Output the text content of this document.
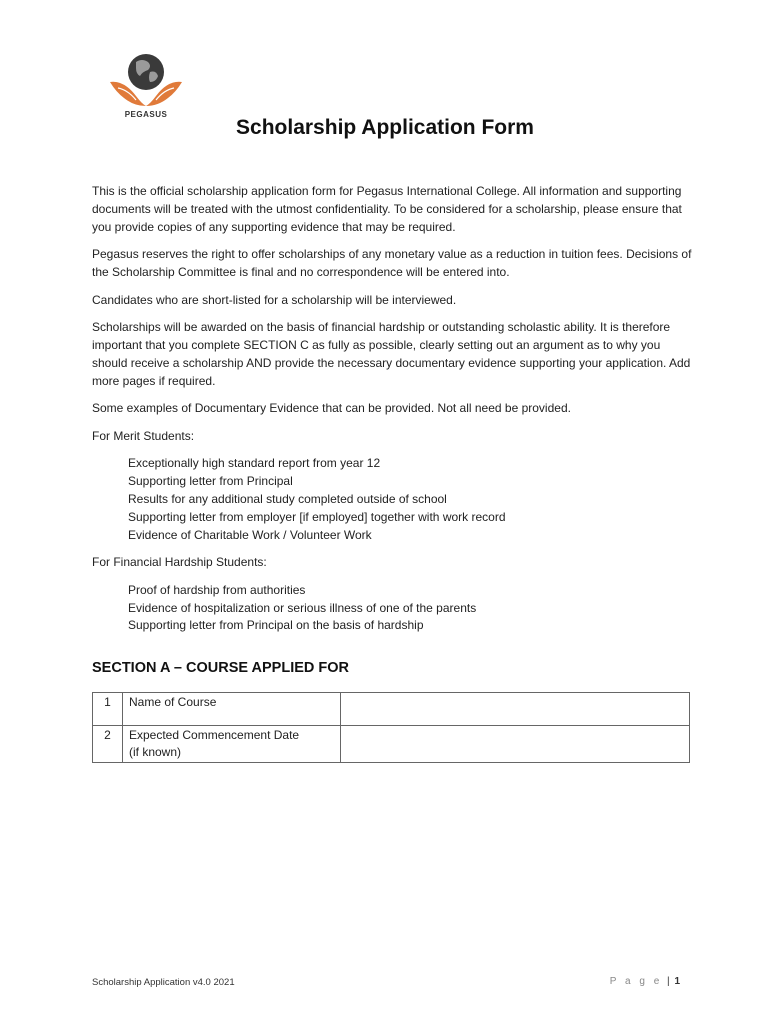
PEGASUS
Scholarship Application Form

This is the official scholarship application form for Pegasus International College. All information and supporting documents will be treated with the utmost confidentiality. To be considered for a scholarship, please ensure that you provide copies of any supporting evidence that may be required.

Pegasus reserves the right to offer scholarships of any monetary value as a reduction in tuition fees. Decisions of the Scholarship Committee is final and no correspondence will be entered into.

Candidates who are short-listed for a scholarship will be interviewed.

Scholarships will be awarded on the basis of financial hardship or outstanding scholastic ability. It is therefore important that you complete SECTION C as fully as possible, clearly setting out an argument as to why you should receive a scholarship AND provide the necessary documentary evidence supporting your application. Add more pages if required.

Some examples of Documentary Evidence that can be provided. Not all need be provided.

For Merit Students:

Exceptionally high standard report from year 12
Supporting letter from Principal
Results for any additional study completed outside of school
Supporting letter from employer [if employed] together with work record
Evidence of Charitable Work / Volunteer Work

For Financial Hardship Students:

Proof of hardship from authorities
Evidence of hospitalization or serious illness of one of the parents
Supporting letter from Principal on the basis of hardship
SECTION A – COURSE APPLIED FOR
1	Name of Course	
2	Expected Commencement Date
(if known)	

Scholarship Application v4.0 2021	P a g e | 1
